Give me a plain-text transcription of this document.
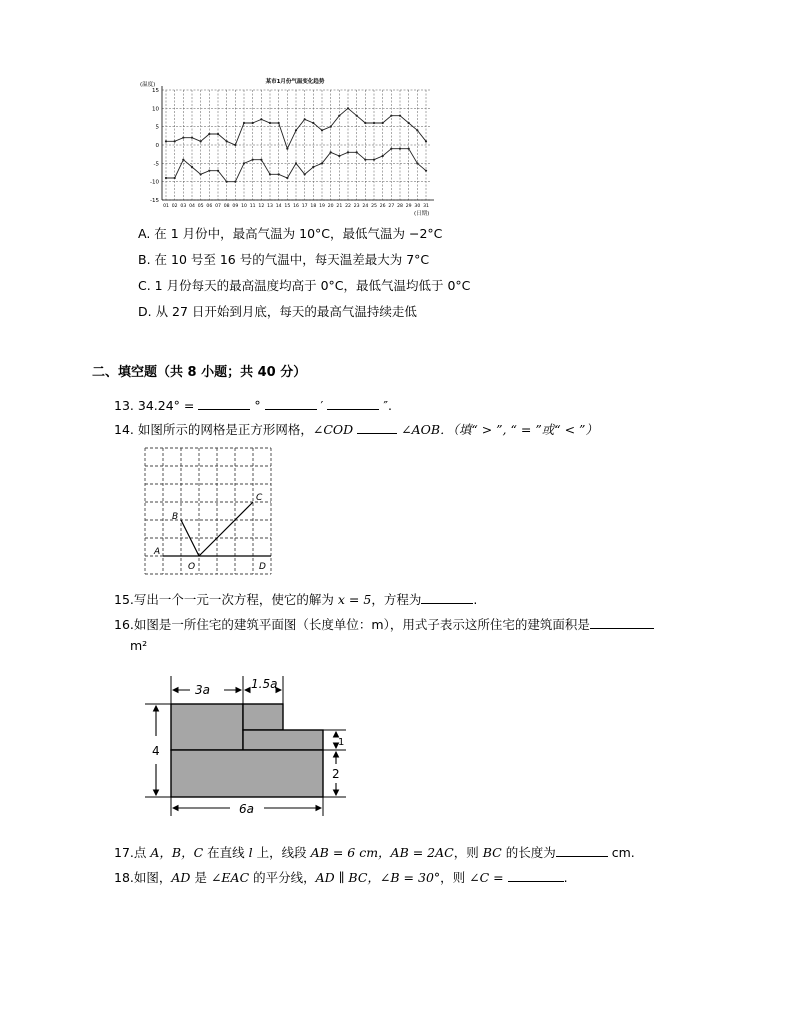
15
10
5
0
-5
-10
-15
01 02 03 04 05 06 07 08 09 10 11 12 13 14 15 16 17 18 19 20 21 22 23 24 25 26 27 28 29 30 31
某市1月份气温变化趋势
(温度)
(日期)
A. 在 1 月份中，最高气温为 10°C，最低气温为 −2°C
B. 在 10 号至 16 号的气温中，每天温差最大为 7°C
C. 1 月份每天的最高温度均高于 0°C，最低气温均低于 0°C
D. 从 27 日开始到月底，每天的最高气温持续走低
二、填空题（共 8 小题；共 40 分）
13. 34.24° =	°	′	″.
14. 如图所示的网格是正方形网格，∠COD	∠AOB．（填“ > ”, “ = ”或“ < ”）
A
B
C
O	D
15.写出一个一元一次方程，使它的解为 x = 5，方程为	.
16.如图是一所住宅的建筑平面图（长度单位：m），用式子表示这所住宅的建筑面积是
m²
3a	1.5a
4
1
2
6a
17.点 A，B，C 在直线 l 上，线段 AB = 6 cm，AB = 2AC，则 BC 的长度为	cm.
18.如图，AD 是 ∠EAC 的平分线，AD ∥ BC，∠B = 30°，则 ∠C =	.
